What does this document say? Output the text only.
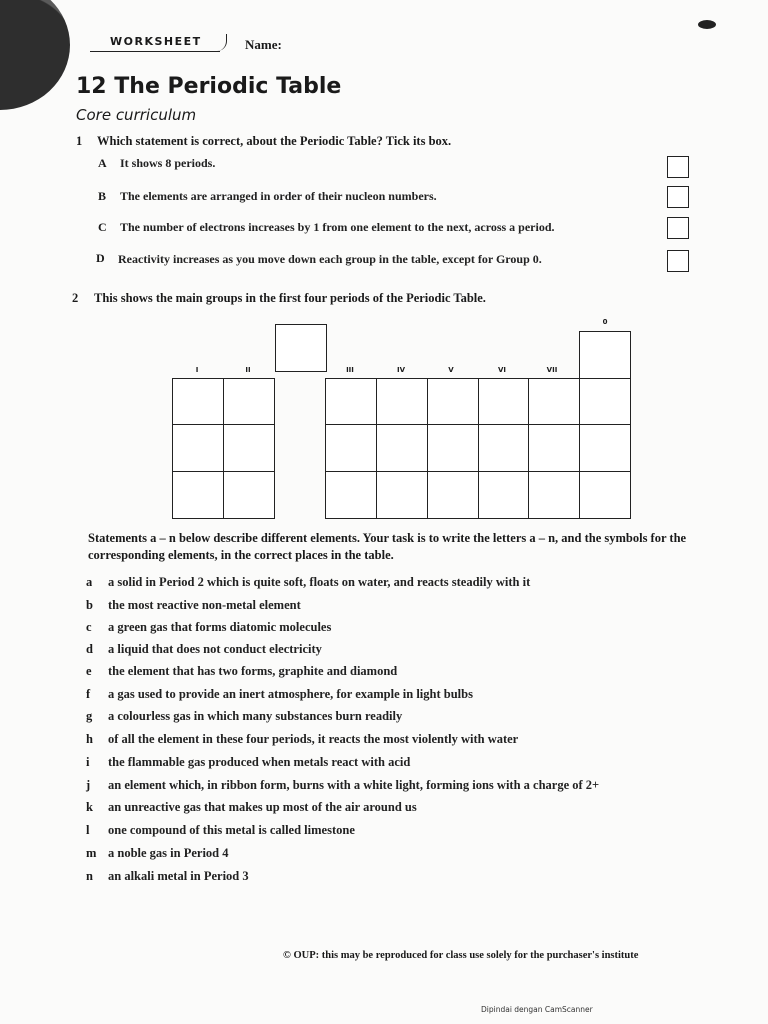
WORKSHEET	Name:
12 The Periodic Table
Core curriculum
1 Which statement is correct, about the Periodic Table? Tick its box.
A It shows 8 periods.
B The elements are arranged in order of their nucleon numbers.
C The number of electrons increases by 1 from one element to the next, across a period.
D Reactivity increases as you move down each group in the table, except for Group 0.
2 This shows the main groups in the first four periods of the Periodic Table.
I	II	III	IV	V	VI	VII
0
Statements a – n below describe different elements. Your task is to write the letters a – n, and the symbols for the corresponding elements, in the correct places in the table.
a	a solid in Period 2 which is quite soft, floats on water, and reacts steadily with it
b	the most reactive non-metal element
c	a green gas that forms diatomic molecules
d	a liquid that does not conduct electricity
e	the element that has two forms, graphite and diamond
f	a gas used to provide an inert atmosphere, for example in light bulbs
g	a colourless gas in which many substances burn readily
h	of all the element in these four periods, it reacts the most violently with water
i	the flammable gas produced when metals react with acid
j	an element which, in ribbon form, burns with a white light, forming ions with a charge of 2+
k	an unreactive gas that makes up most of the air around us
l	one compound of this metal is called limestone
m a noble gas in Period 4
n	an alkali metal in Period 3
© OUP: this may be reproduced for class use solely for the purchaser's institute
Dipindai dengan CamScanner
